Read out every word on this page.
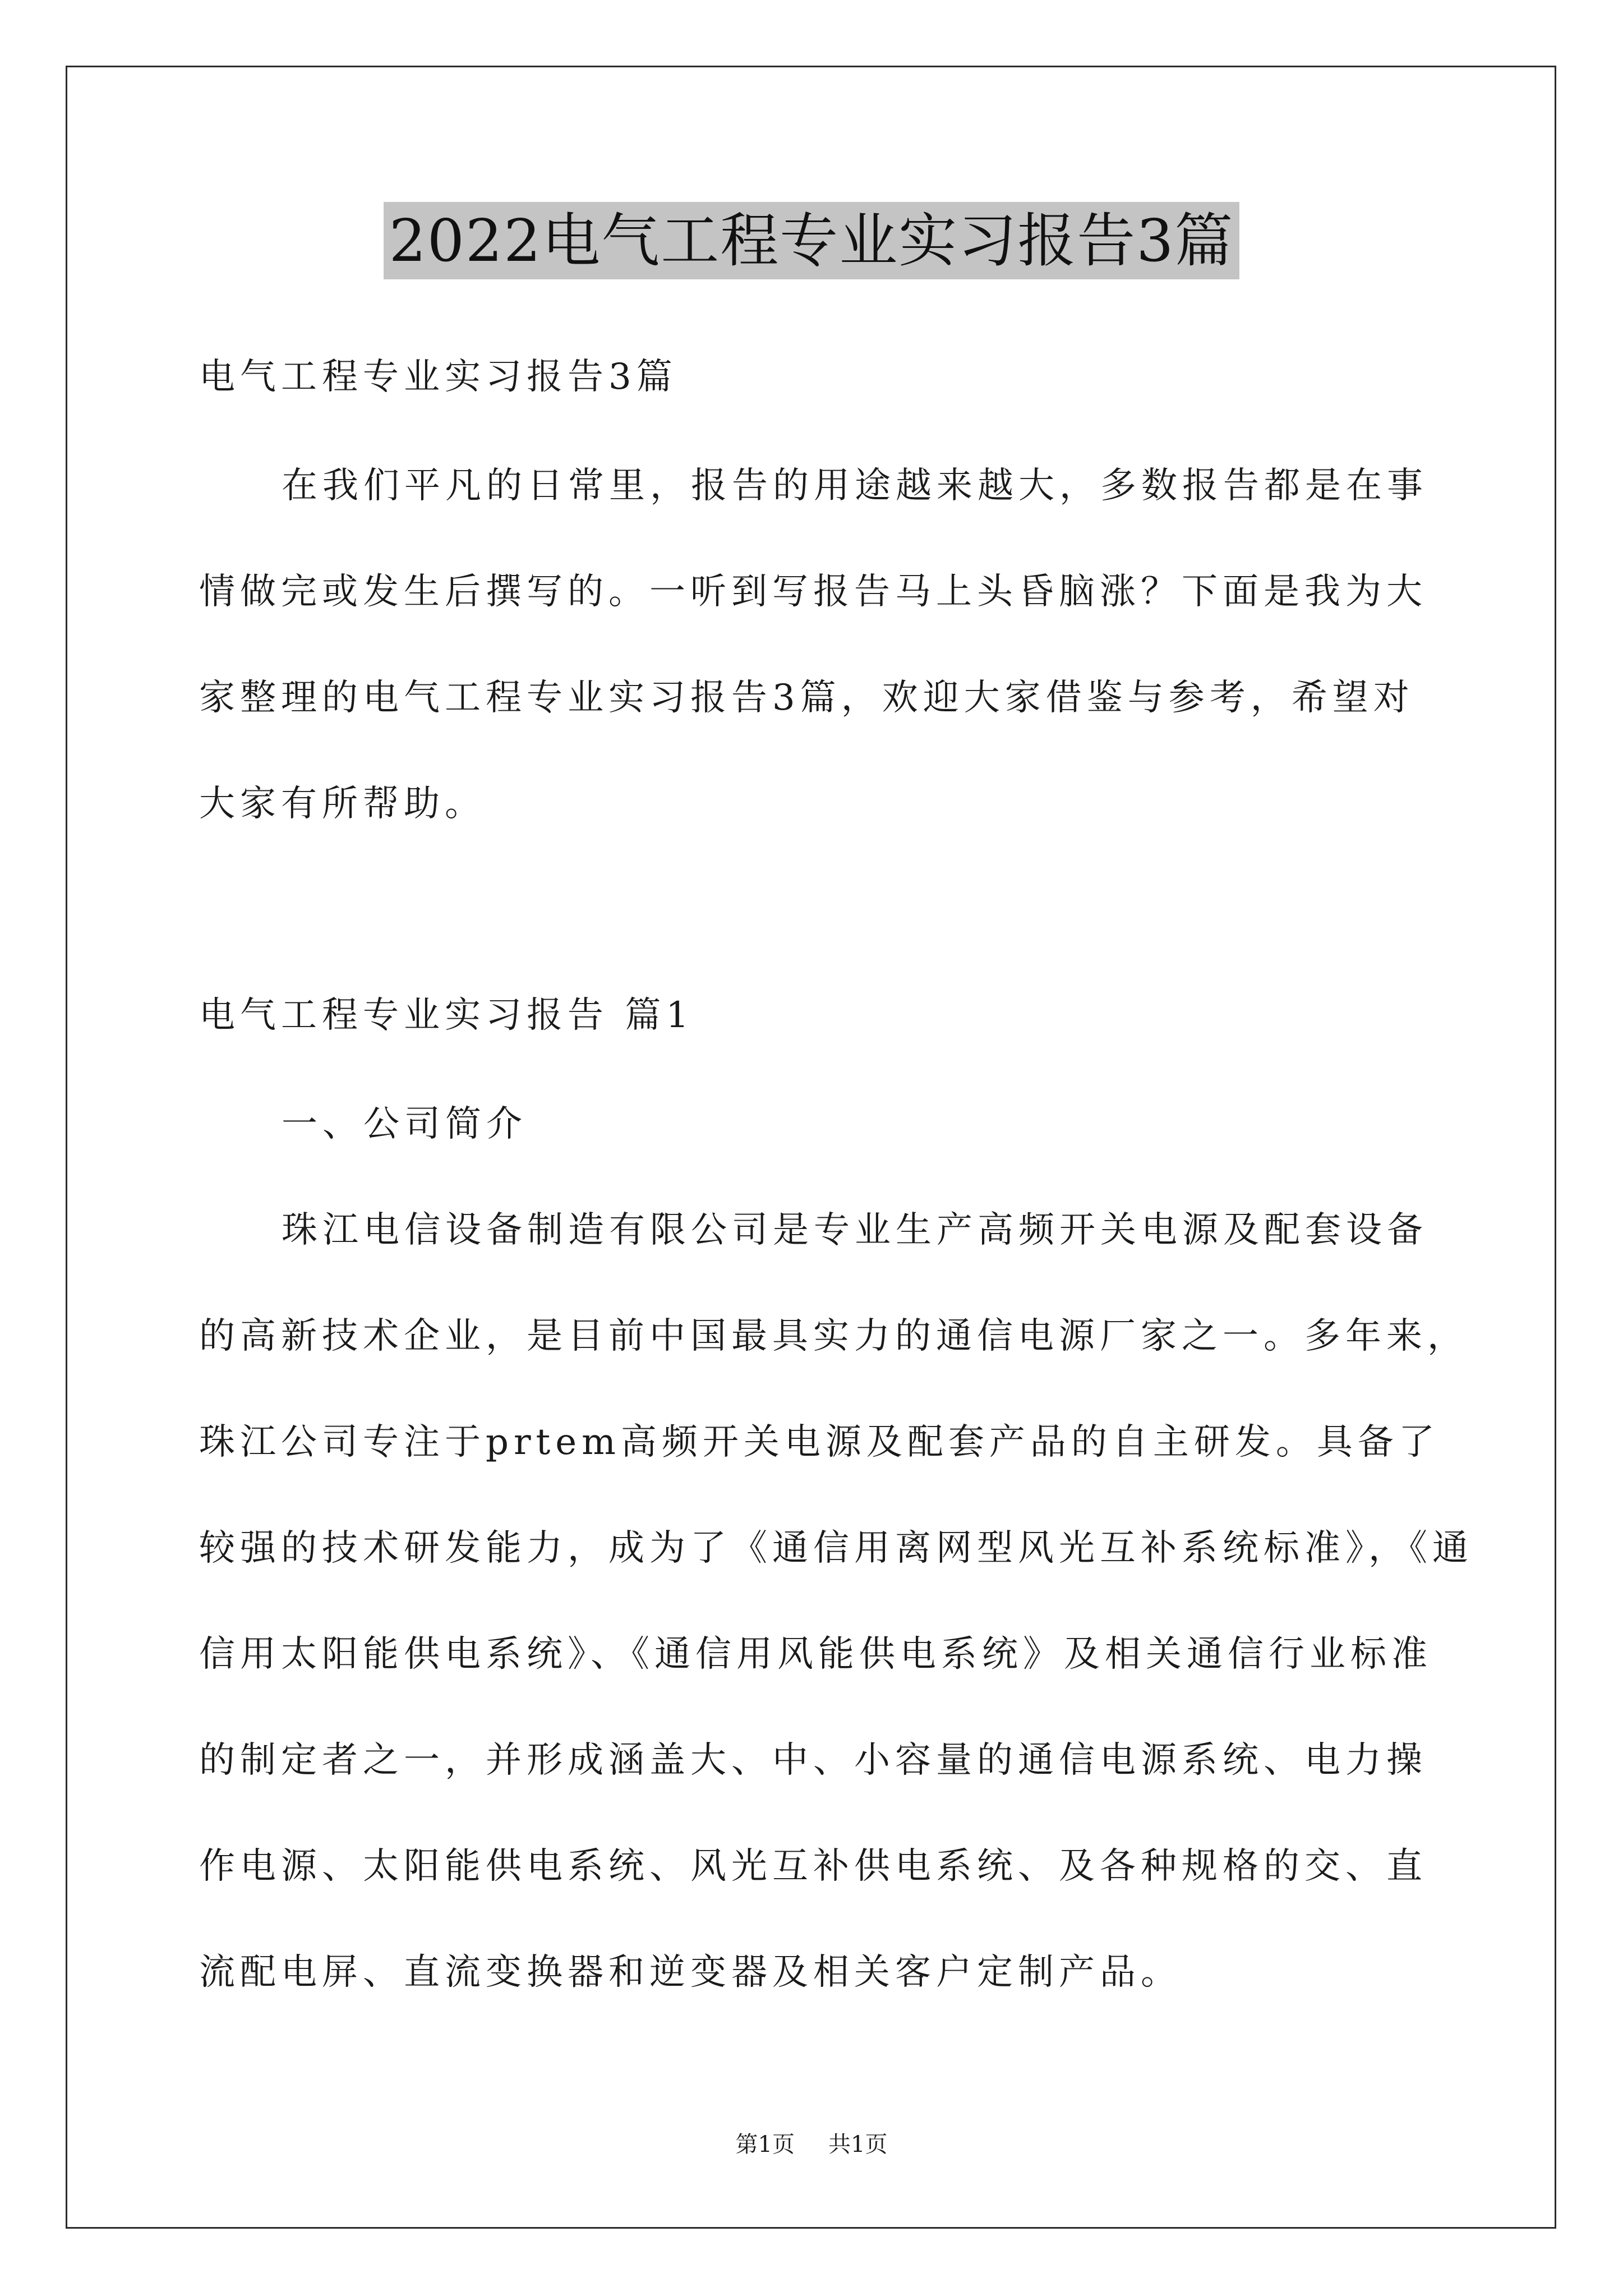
2022电气工程专业实习报告3篇
电气工程专业实习报告3篇
在我们平凡的日常里，报告的用途越来越大，多数报告都是在事
情做完或发生后撰写的。一听到写报告马上头昏脑涨？下面是我为大
家整理的电气工程专业实习报告3篇，欢迎大家借鉴与参考，希望对
大家有所帮助。
电气工程专业实习报告 篇1
一、公司简介
珠江电信设备制造有限公司是专业生产高频开关电源及配套设备
的高新技术企业，是目前中国最具实力的通信电源厂家之一。多年来，
珠江公司专注于prtem高频开关电源及配套产品的自主研发。具备了
较强的技术研发能力，成为了《通信用离网型风光互补系统标准》，《通
信用太阳能供电系统》、《通信用风能供电系统》及相关通信行业标准
的制定者之一，并形成涵盖大、中、小容量的通信电源系统、电力操
作电源、太阳能供电系统、风光互补供电系统、及各种规格的交、直
流配电屏、直流变换器和逆变器及相关客户定制产品。
第1页 共1页
